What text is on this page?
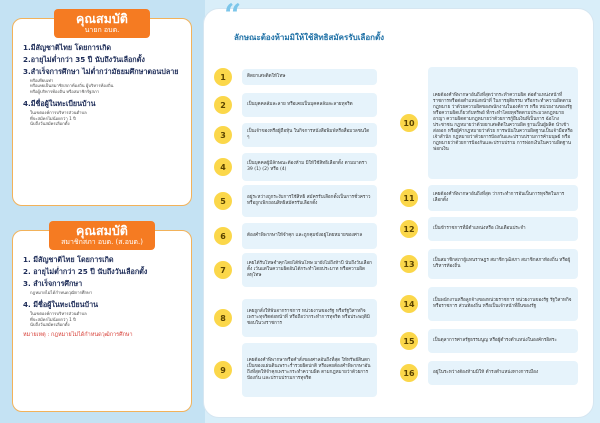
คุณสมบัติ
นายก อบต.
1.มีสัญชาติไทย โดยการเกิด
2.อายุไม่ต่ำกว่า 35 ปี นับถึงวันเลือกตั้ง
3.สำเร็จการศึกษา ไม่ต่ำกว่ามัธยมศึกษาตอนปลาย
หรือเทียบเท่า
หรือเคยเป็นสมาชิกสภาท้องถิ่น ผู้บริหารท้องถิ่น
หรือผู้บริหารท้องถิ่น หรือสมาชิกรัฐสภา
4.มีชื่อผู้ในทะเบียนบ้าน
ในเขตองค์การบริหารส่วนตำบล
ที่จะสมัครไม่น้อยกว่า 1 ปี
นับถึงวันสมัครเลือกตั้ง
คุณสมบัติ
สมาชิกสภา อบต. (ส.อบต.)
1. มีสัญชาติไทย โดยการเกิด
2. อายุไม่ต่ำกว่า 25 ปี นับถึงวันเลือกตั้ง
3. สำเร็จการศึกษา
กฎหมายไม่ได้กำหนดวุฒิการศึกษา
4. มีชื่อผู้ในทะเบียนบ้าน
ในเขตองค์การบริหารส่วนตำบล
ที่จะสมัครไม่น้อยกว่า 1 ปี
นับถึงวันสมัครเลือกตั้ง
หมายเหตุ : กฎหมายไม่ได้กำหนดวุฒิการศึกษา
“
ลักษณะต้องห้ามมิให้ใช้สิทธิสมัครรับเลือกตั้ง
1	ติดยาเสพติดให้โทษ
2	เป็นบุคคลล้มละลาย หรือเคยเป็นบุคคลล้มละลายทุจริต
3	เป็นเจ้าของหรือผู้ถือหุ้น ในกิจการหนังสือพิมพ์หรือสื่อมวลชนใด ๆ
4	เป็นบุคคลผู้มีลักษณะต้องห้าม มิให้ใช้สิทธิเลือกตั้ง ตามมาตรา 39 (1) (2) หรือ (4)
5	อยู่ระหว่างถูกระงับการใช้สิทธิ สมัครรับเลือกตั้งเป็นการชั่วคราว หรือถูกเพิกถอนสิทธิสมัครรับเลือกตั้ง
6	ต้องคำพิพากษาให้จำคุก และถูกคุมขังอยู่โดยหมายของศาล
7
เคยได้รับโทษจำคุกโดยได้พ้นโทษ มายังไม่ถึงห้าปี นับถึงวันเลือกตั้ง เว้นแต่ในความผิดอันได้กระทำโดยประมาท หรือความผิดลหุโทษ
8
เคยถูกสั่งให้พ้นจากราชการ หน่วยงานของรัฐ หรือรัฐวิสาหกิจเพราะทุจริตต่อหน้าที่ หรือถือว่ากระทำการทุจริต หรือประพฤติมิชอบในวงราชการ
9
เคยต้องคำพิพากษาหรือคำสั่งของศาลอันถึงที่สุด ให้ทรัพย์สินตกเป็นของแผ่นดินเพราะร่ำรวยผิดปกติ หรือเคยต้องคำพิพากษาอันถึงที่สุดให้จำคุกเพราะกระทำความผิด ตามกฎหมายว่าด้วยการป้องกัน และปราบปรามการทุจริต
10
เคยต้องคำพิพากษาอันถึงที่สุดว่ากระทำความผิด ต่อตำแหน่งหน้าที่ราชการหรือต่อตำแหน่งหน้าที่ ในการยุติธรรม หรือกระทำความผิดตามกฎหมาย ว่าด้วยความผิดของพนักงานในองค์การ หรือ หน่วยงานของรัฐ หรือความผิดเกี่ยวกับทรัพย์ ที่กระทำโดยทุจริตตามประมวลกฎหมายอาญา ความผิดตามกฎหมายว่าด้วยการกู้ยืมเงินที่เป็นการ ฉ้อโกงประชาชน กฎหมายว่าด้วยยาเสพติดในความผิด ฐานเป็นผู้ผลิต นำเข้า ส่งออก หรือผู้ค้ากฎหมายว่าด้วย การพนันในความผิดฐานเป็นเจ้ามือหรือเจ้าสำนัก กฎหมายว่าด้วยการป้องกันและปราบปรามการค้ามนุษย์ หรือกฎหมายว่าด้วยการป้องกันและปราบปราม การฟอกเงินในความผิดฐานฟอกเงิน
11	เคยต้องคำพิพากษาอันถึงที่สุด ว่ากระทำการอันเป็นการทุจริตในการเลือกตั้ง
12	เป็นข้าราชการที่มีตำแหน่งหรือ เงินเดือนประจำ
13	เป็นสมาชิกสภาผู้แทนราษฎร สมาชิกวุฒิสภา สมาชิกสภาท้องถิ่น หรือผู้บริหารท้องถิ่น
14	เป็นพนักงานหรือลูกจ้างของหน่วยราชการ หน่วยงานของรัฐ รัฐวิสาหกิจ หรือราชการ ส่วนท้องถิ่น หรือเป็นเจ้าหน้าที่อื่นของรัฐ
15	เป็นตุลาการศาลรัฐธรรมนูญ หรือผู้ดำรงตำแหน่งในองค์กรอิสระ
16	อยู่ในระหว่างต้องห้ามมิให้ ดำรงตำแหน่งทางการเมือง
